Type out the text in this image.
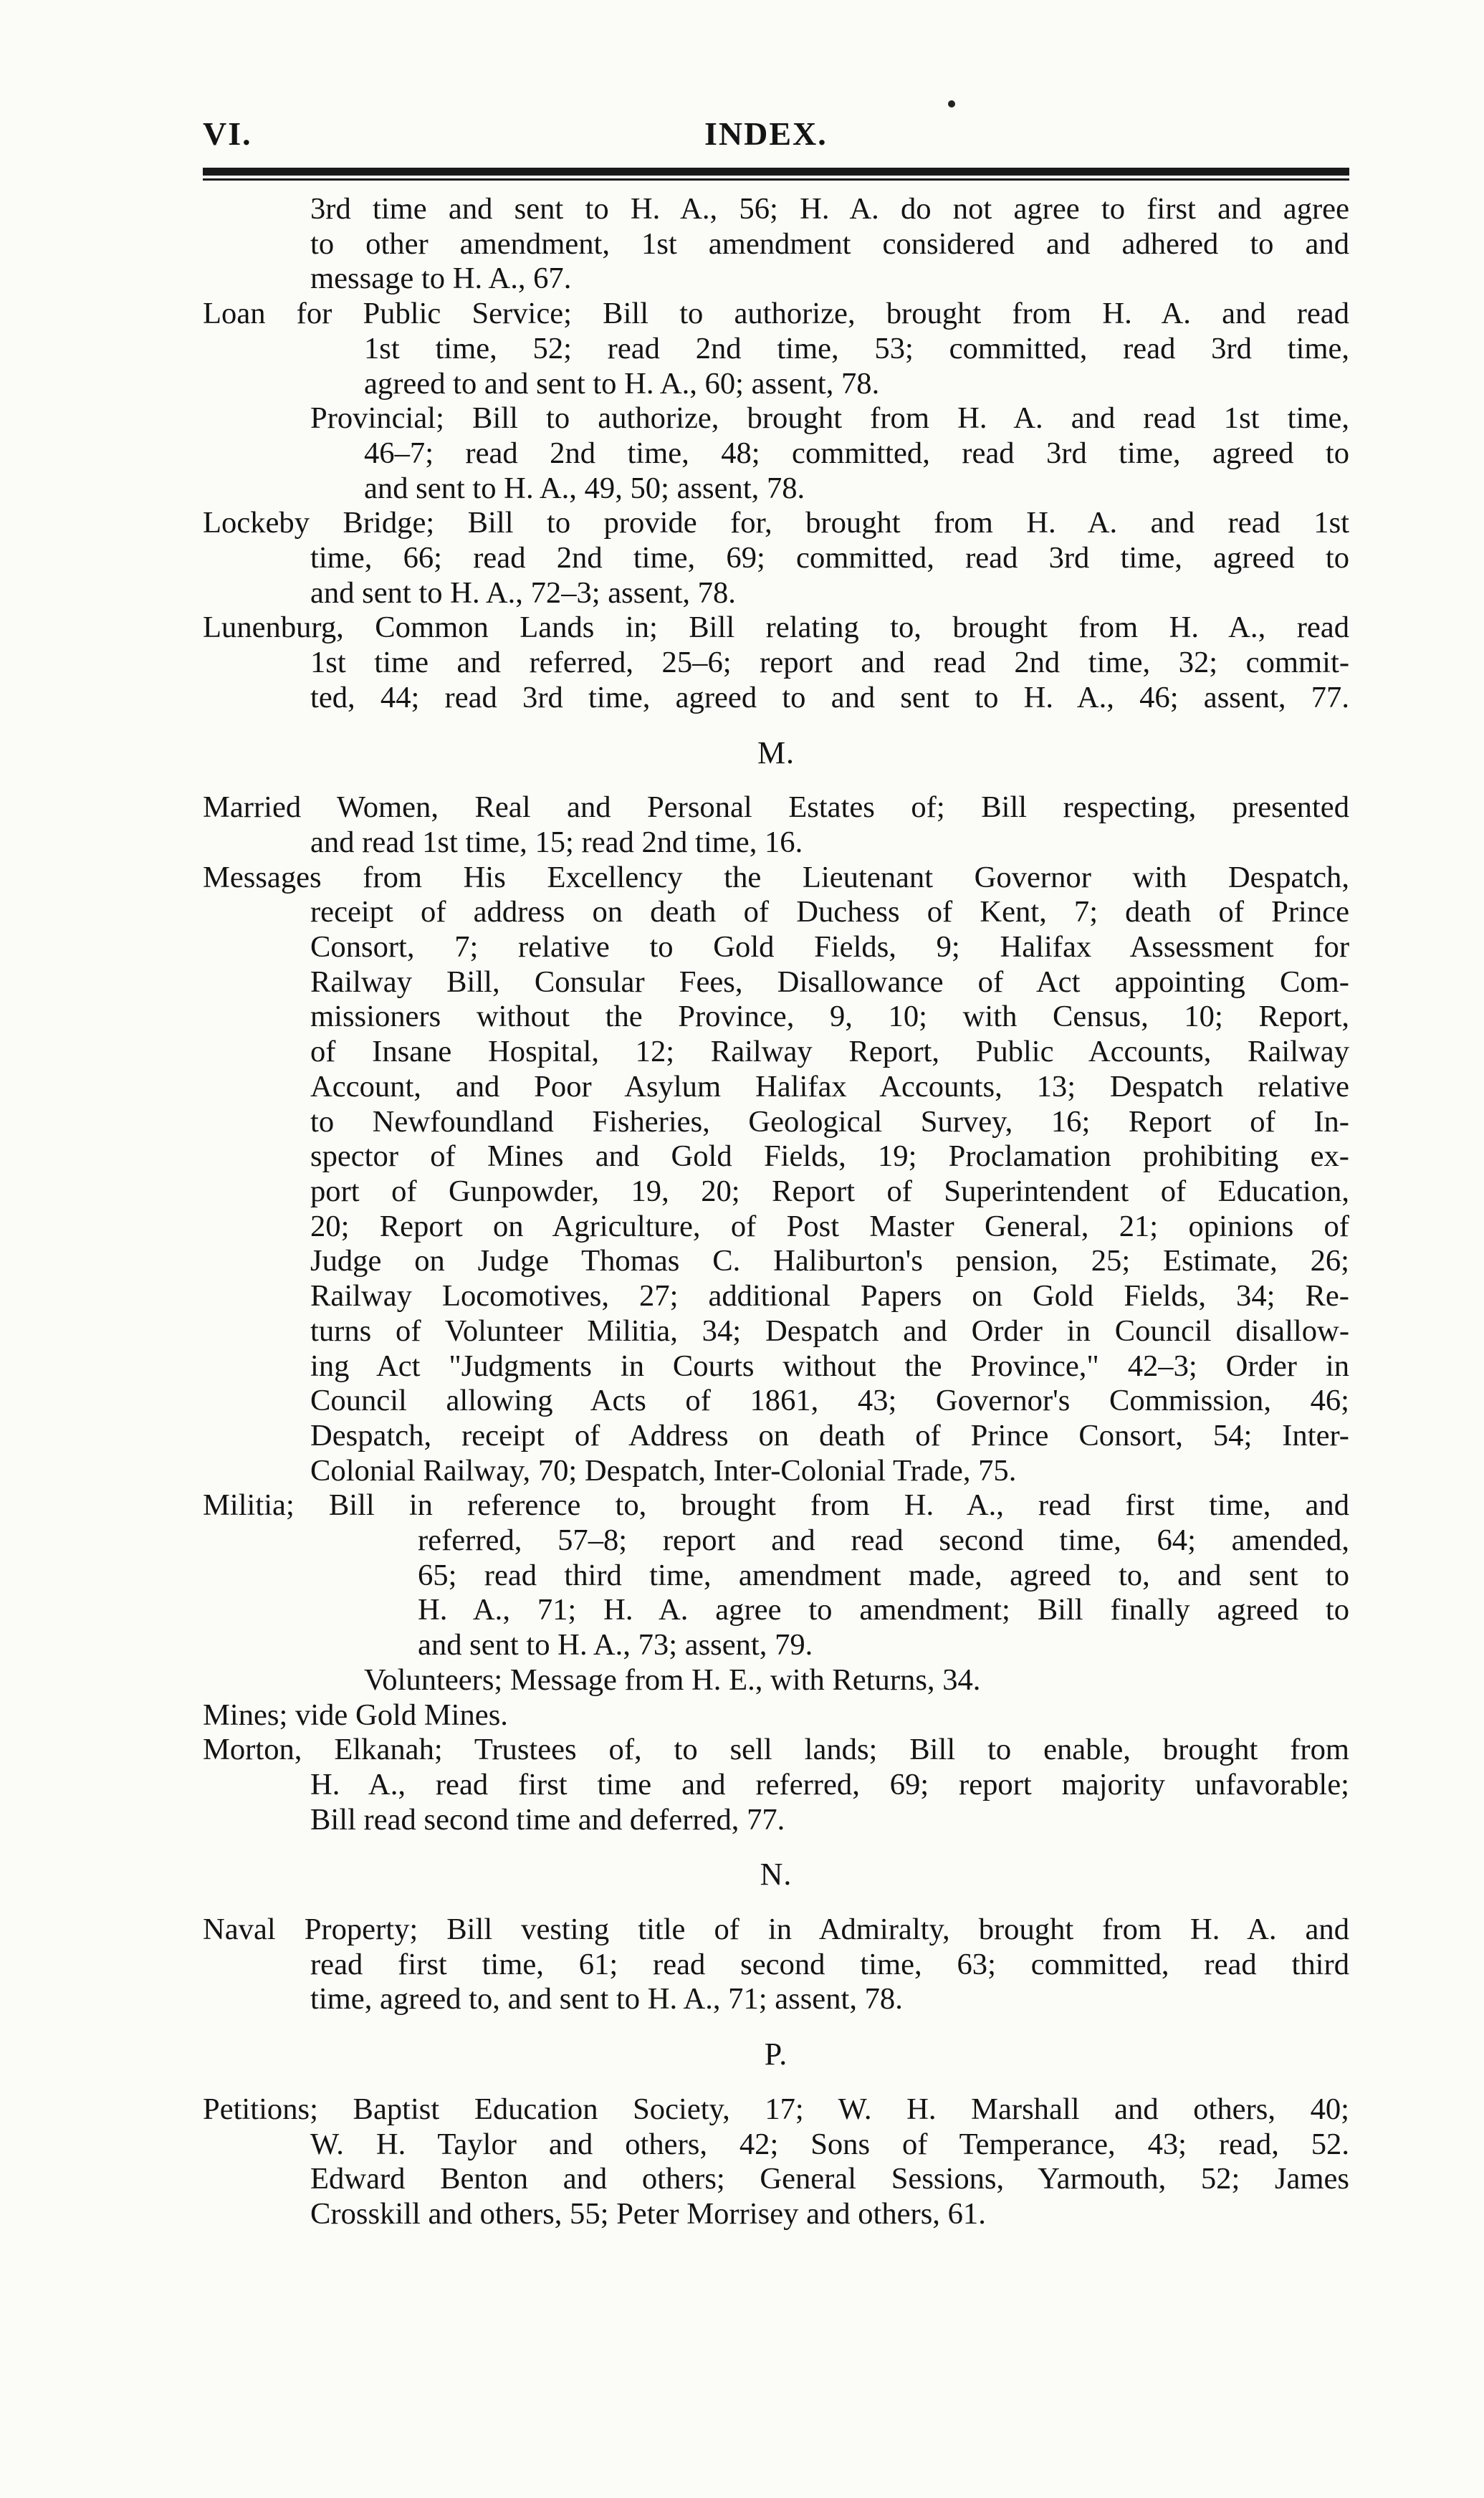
VI.	INDEX.
3rd time and sent to H. A., 56; H. A. do not agree to first and agree
to other amendment, 1st amendment considered and adhered to and
message to H. A., 67.
Loan for Public Service; Bill to authorize, brought from H. A. and read
1st time, 52; read 2nd time, 53; committed, read 3rd time,
agreed to and sent to H. A., 60; assent, 78.
Provincial; Bill to authorize, brought from H. A. and read 1st time,
46–7; read 2nd time, 48; committed, read 3rd time, agreed to
and sent to H. A., 49, 50; assent, 78.
Lockeby Bridge; Bill to provide for, brought from H. A. and read 1st
time, 66; read 2nd time, 69; committed, read 3rd time, agreed to
and sent to H. A., 72–3; assent, 78.
Lunenburg, Common Lands in; Bill relating to, brought from H. A., read
1st time and referred, 25–6; report and read 2nd time, 32; commit-
ted, 44; read 3rd time, agreed to and sent to H. A., 46; assent, 77.
M.
Married Women, Real and Personal Estates of; Bill respecting, presented
and read 1st time, 15; read 2nd time, 16.
Messages from His Excellency the Lieutenant Governor with Despatch,
receipt of address on death of Duchess of Kent, 7; death of Prince
Consort, 7; relative to Gold Fields, 9; Halifax Assessment for
Railway Bill, Consular Fees, Disallowance of Act appointing Com-
missioners without the Province, 9, 10; with Census, 10; Report,
of Insane Hospital, 12; Railway Report, Public Accounts, Railway
Account, and Poor Asylum Halifax Accounts, 13; Despatch relative
to Newfoundland Fisheries, Geological Survey, 16; Report of In-
spector of Mines and Gold Fields, 19; Proclamation prohibiting ex-
port of Gunpowder, 19, 20; Report of Superintendent of Education,
20; Report on Agriculture, of Post Master General, 21; opinions of
Judge on Judge Thomas C. Haliburton's pension, 25; Estimate, 26;
Railway Locomotives, 27; additional Papers on Gold Fields, 34; Re-
turns of Volunteer Militia, 34; Despatch and Order in Council disallow-
ing Act "Judgments in Courts without the Province," 42–3; Order in
Council allowing Acts of 1861, 43; Governor's Commission, 46;
Despatch, receipt of Address on death of Prince Consort, 54; Inter-
Colonial Railway, 70; Despatch, Inter-Colonial Trade, 75.
Militia; Bill in reference to, brought from H. A., read first time, and
referred, 57–8; report and read second time, 64; amended,
65; read third time, amendment made, agreed to, and sent to
H. A., 71; H. A. agree to amendment; Bill finally agreed to
and sent to H. A., 73; assent, 79.
Volunteers; Message from H. E., with Returns, 34.
Mines; vide Gold Mines.
Morton, Elkanah; Trustees of, to sell lands; Bill to enable, brought from
H. A., read first time and referred, 69; report majority unfavorable;
Bill read second time and deferred, 77.
N.
Naval Property; Bill vesting title of in Admiralty, brought from H. A. and
read first time, 61; read second time, 63; committed, read third
time, agreed to, and sent to H. A., 71; assent, 78.
P.
Petitions; Baptist Education Society, 17; W. H. Marshall and others, 40;
W. H. Taylor and others, 42; Sons of Temperance, 43; read, 52.
Edward Benton and others; General Sessions, Yarmouth, 52; James
Crosskill and others, 55; Peter Morrisey and others, 61.
